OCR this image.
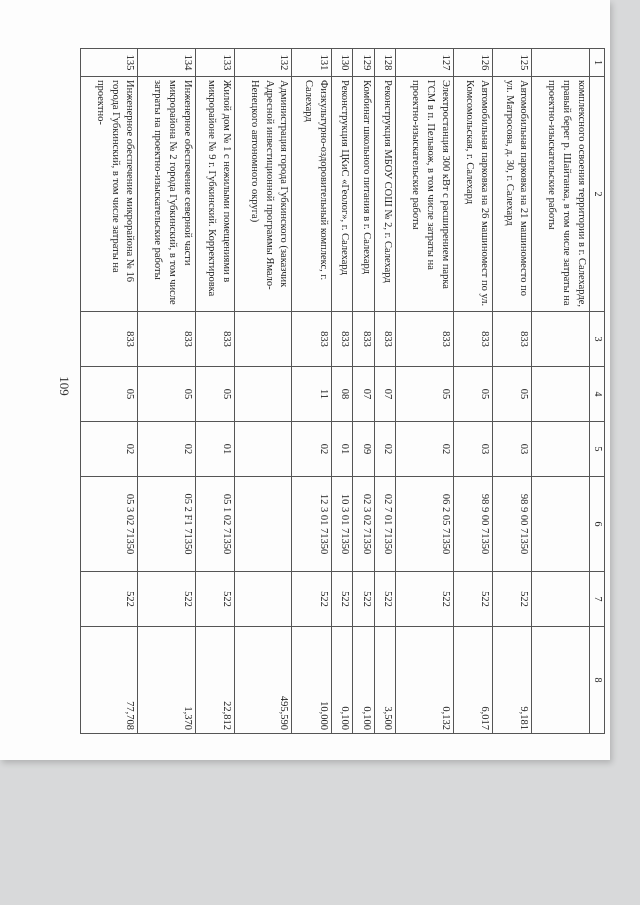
109
1	2	3	4	5	6	7	8
	комплексного освоения территории в г. Салехарде, правый берег р. Шайтанка, в том числе затраты на проектно-изыскательские работы						
125	Автомобильная парковка на 21 машиноместо по ул. Матросова, д. 30, г. Салехард	833	05	03	98 9 00 71350	522	9,181
126	Автомобильная парковка на 26 машиномест по ул. Комсомольская, г. Салехард	833	05	03	98 9 00 71350	522	6,017
127	Электростанция 300 кВт с расширением парка ГСМ в п. Пельвож, в том числе затраты на проектно-изыскательские работы	833	05	02	06 2 05 71350	522	0,132
128	Реконструкция МБОУ СОШ № 2, г. Салехард	833	07	02	02 7 01 71350	522	3,500
129	Комбинат школьного питания в г. Салехард	833	07	09	02 3 02 71350	522	0,100
130	Реконструкция ЦКиС «Геолог», г. Салехард	833	08	01	10 3 01 71350	522	0,100
131	Физкультурно-оздоровительный комплекс, г. Салехард	833	11	02	12 3 01 71350	522	10,000
132	Администрация города Губкинского (заказчик Адресной инвестиционной программы Ямало-Ненецкого автономного округа)						495,590
133	Жилой дом № 1 с нежилыми помещениями в микрорайоне № 9 г. Губкинский. Корректировка	833	05	01	05 1 02 71350	522	22,812
134	Инженерное обеспечение северной части микрорайона № 2 города Губкинский, в том числе затраты на проектно-изыскательские работы	833	05	02	05 2 F1 71350	522	1,370
135	Инженерное обеспечение микрорайона № 16 города Губкинский, в том числе затраты на проектно-	833	05	02	05 3 02 71350	522	77,708
